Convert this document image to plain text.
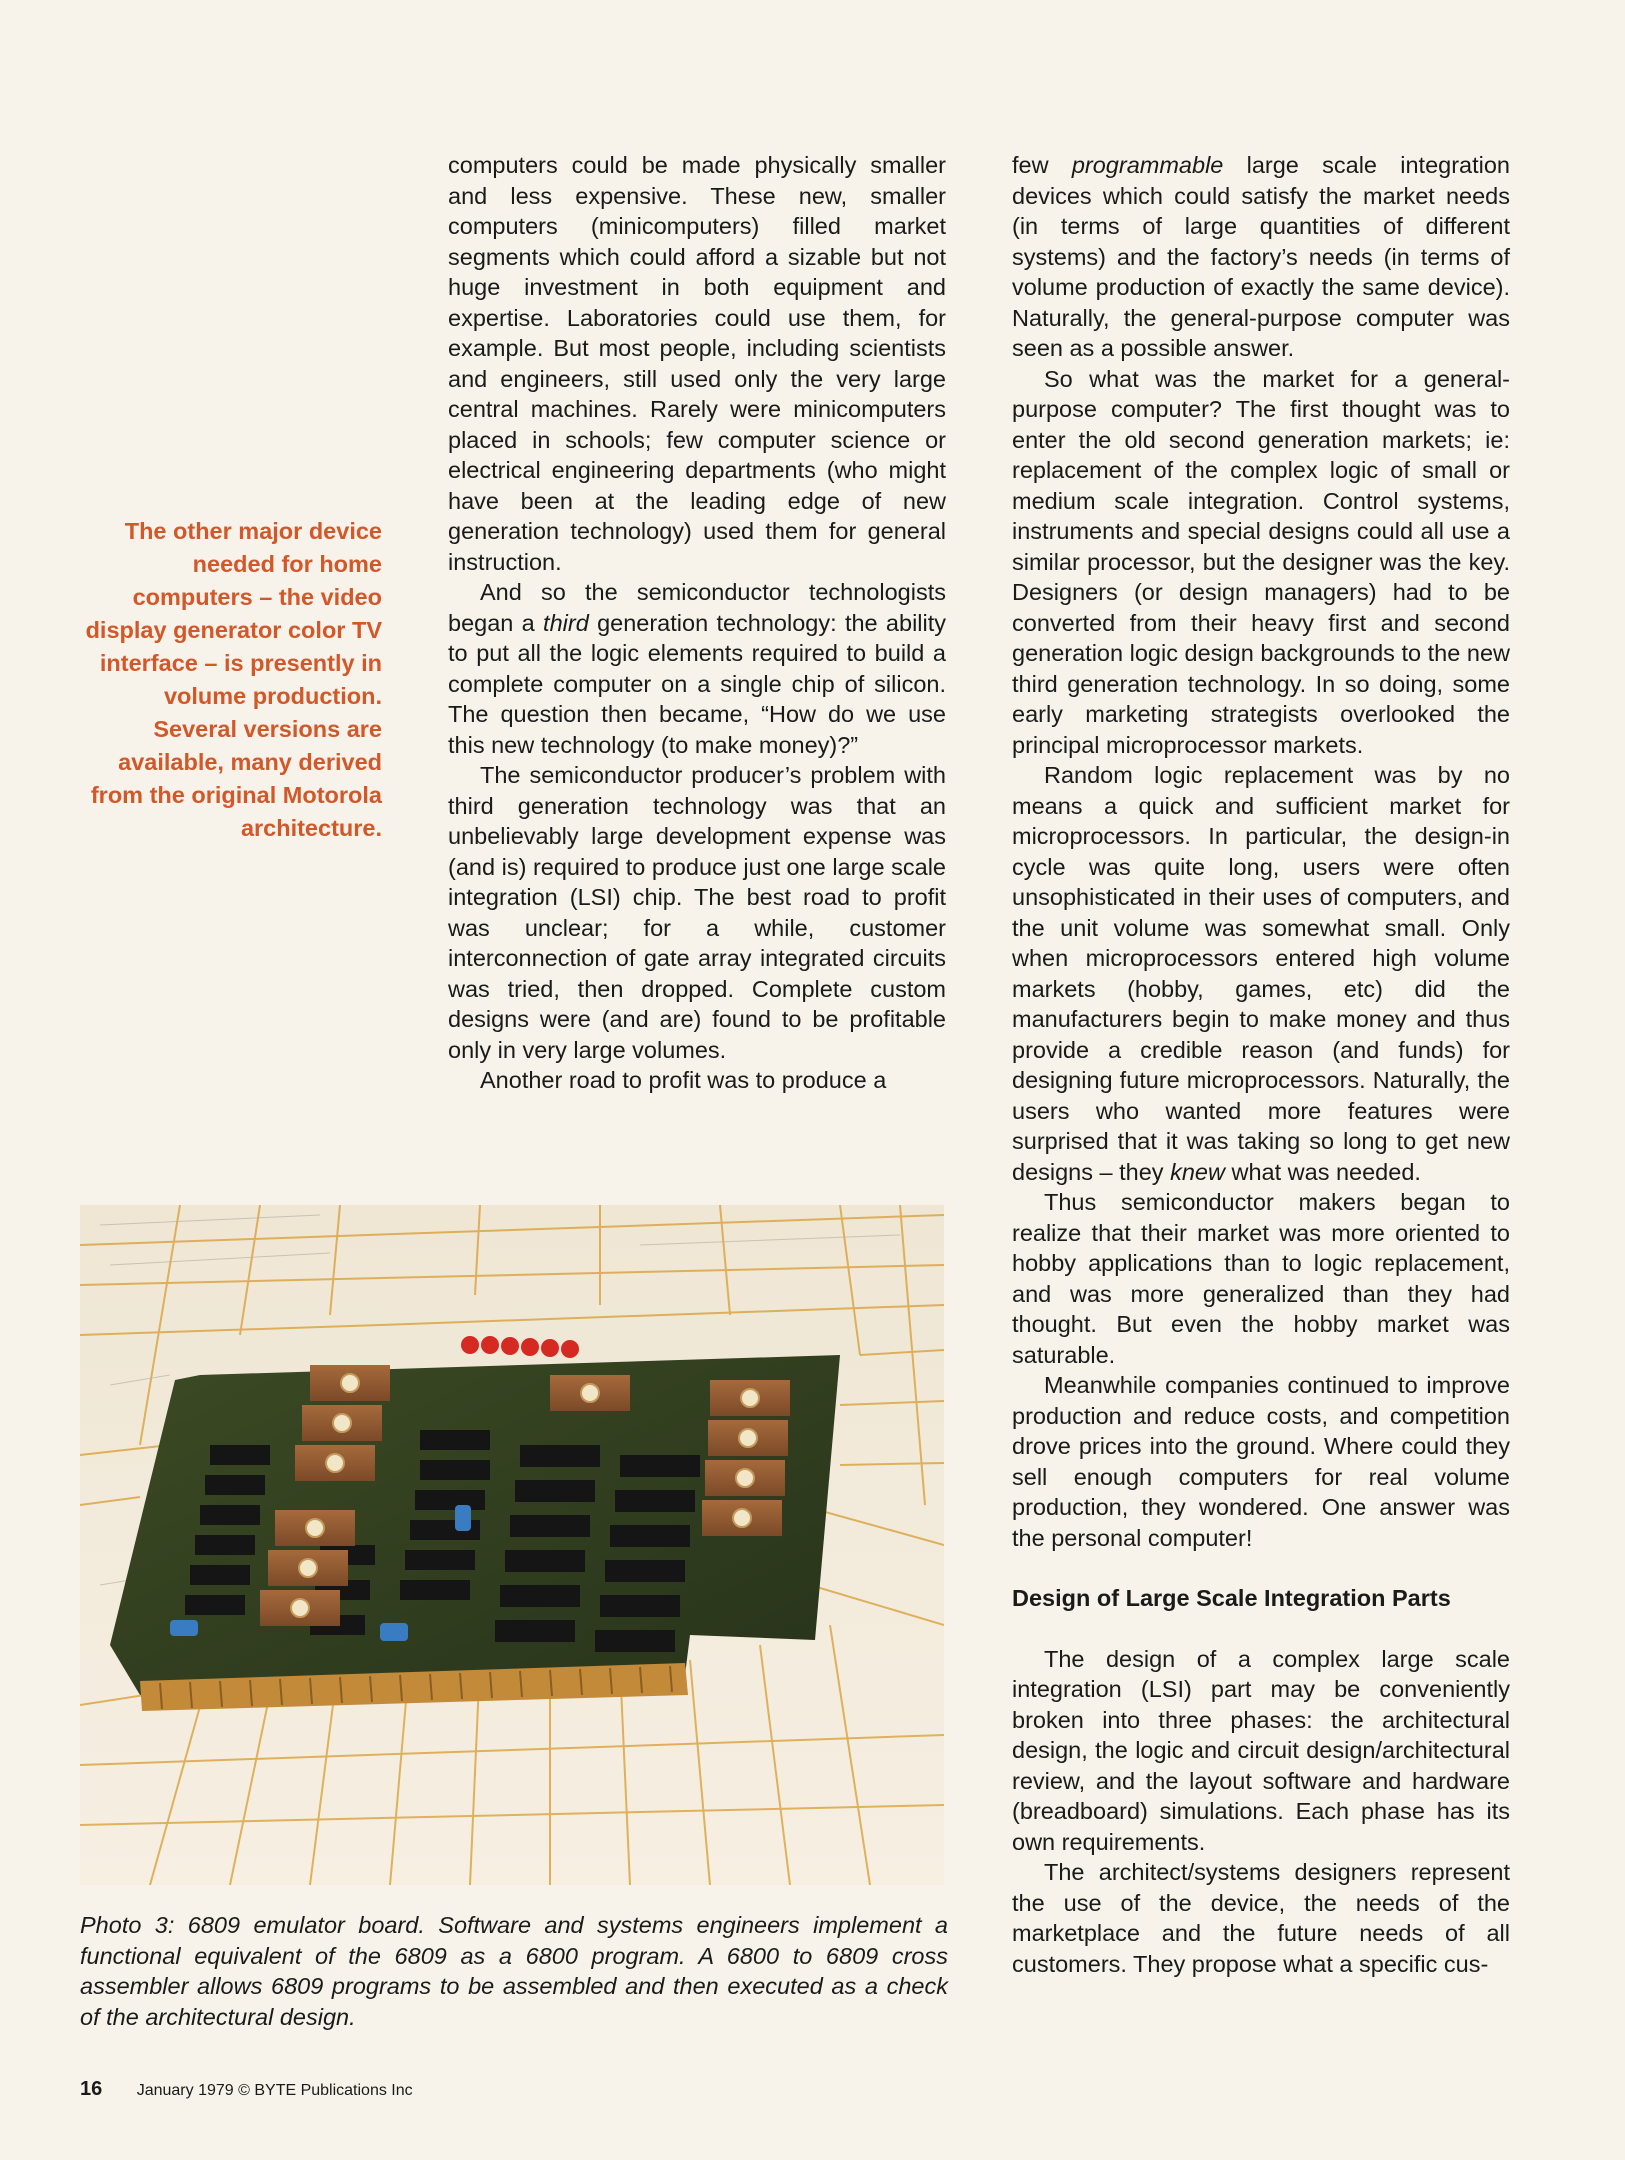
The other major device needed for home computers – the video display generator color TV interface – is presently in volume production. Several versions are available, many derived from the original Motorola architecture.

computers could be made physically smaller and less expensive. These new, smaller computers (minicomputers) filled market segments which could afford a sizable but not huge investment in both equipment and expertise. Laboratories could use them, for example. But most people, including scientists and engineers, still used only the very large central machines. Rarely were minicomputers placed in schools; few computer science or electrical engineering departments (who might have been at the leading edge of new generation technology) used them for general instruction.

And so the semiconductor technologists began a third generation technology: the ability to put all the logic elements required to build a complete computer on a single chip of silicon. The question then became, “How do we use this new technology (to make money)?”

The semiconductor producer’s problem with third generation technology was that an unbelievably large development expense was (and is) required to produce just one large scale integration (LSI) chip. The best road to profit was unclear; for a while, customer interconnection of gate array integrated circuits was tried, then dropped. Complete custom designs were (and are) found to be profitable only in very large volumes.

Another road to profit was to produce a

few programmable large scale integration devices which could satisfy the market needs (in terms of large quantities of different systems) and the factory’s needs (in terms of volume production of exactly the same device). Naturally, the general-purpose computer was seen as a possible answer.

So what was the market for a general-purpose computer? The first thought was to enter the old second generation markets; ie: replacement of the complex logic of small or medium scale integration. Control systems, instruments and special designs could all use a similar processor, but the designer was the key. Designers (or design managers) had to be converted from their heavy first and second generation logic design backgrounds to the new third generation technology. In so doing, some early marketing strategists overlooked the principal microprocessor markets.

Random logic replacement was by no means a quick and sufficient market for microprocessors. In particular, the design-in cycle was quite long, users were often unsophisticated in their uses of computers, and the unit volume was somewhat small. Only when microprocessors entered high volume markets (hobby, games, etc) did the manufacturers begin to make money and thus provide a credible reason (and funds) for designing future microprocessors. Naturally, the users who wanted more features were surprised that it was taking so long to get new designs – they knew what was needed.

Thus semiconductor makers began to realize that their market was more oriented to hobby applications than to logic replacement, and was more generalized than they had thought. But even the hobby market was saturable.

Meanwhile companies continued to improve production and reduce costs, and competition drove prices into the ground. Where could they sell enough computers for real volume production, they wondered. One answer was the personal computer!

Design of Large Scale Integration Parts

The design of a complex large scale integration (LSI) part may be conveniently broken into three phases: the architectural design, the logic and circuit design/architectural review, and the layout software and hardware (breadboard) simulations. Each phase has its own requirements.

The architect/systems designers represent the use of the device, the needs of the marketplace and the future needs of all customers. They propose what a specific cus-

Photo 3: 6809 emulator board. Software and systems engineers implement a functional equivalent of the 6809 as a 6800 program. A 6800 to 6809 cross assembler allows 6809 programs to be assembled and then executed as a check of the architectural design.

16 January 1979 © BYTE Publications Inc
